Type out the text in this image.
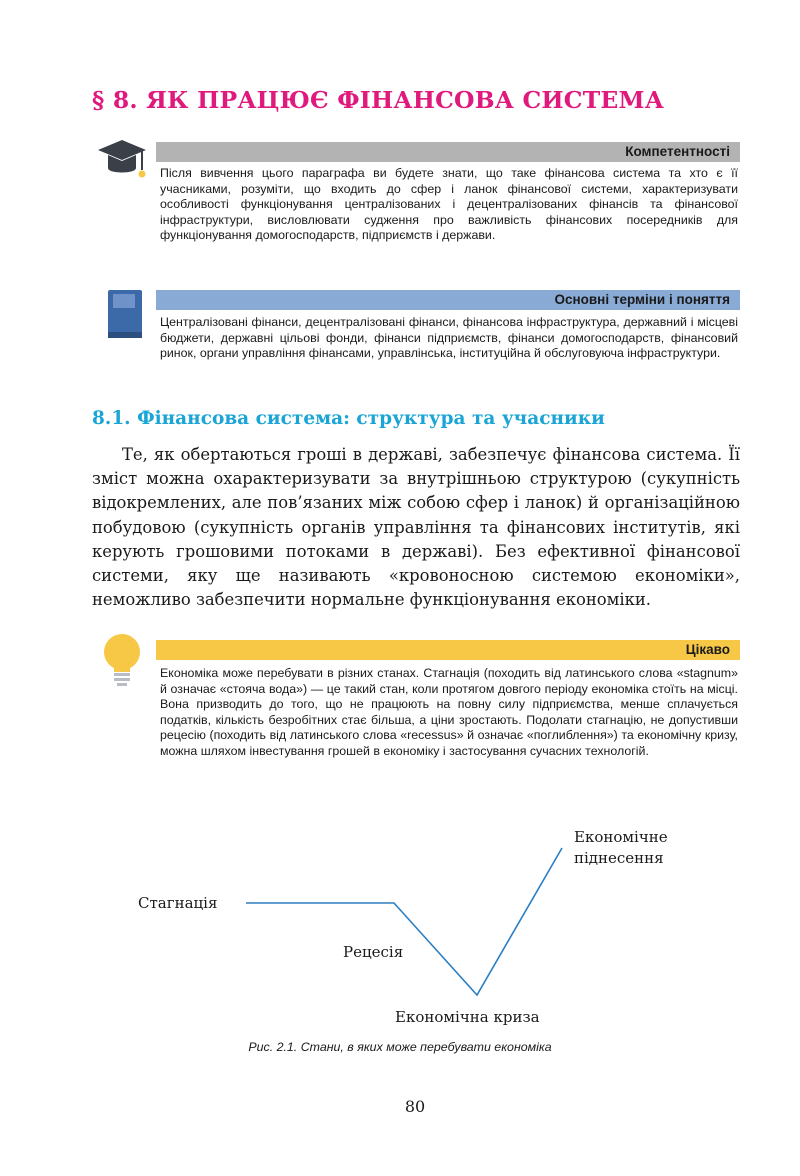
§ 8. ЯК ПРАЦЮЄ ФІНАНСОВА СИСТЕМА
Компетентності
Після вивчення цього параграфа ви будете знати, що таке фінансова система та хто є її учасниками, розуміти, що входить до сфер і ланок фінансової системи, характеризувати особливості функціонування централізованих і децентралізованих фінансів та фінансової інфраструктури, висловлювати судження про важливість фінансових посередників для функціонування домогосподарств, підприємств і держави.
Основні терміни і поняття
Централізовані фінанси, децентралізовані фінанси, фінансова інфраструктура, державний і місцеві бюджети, державні цільові фонди, фінанси підприємств, фінанси домогосподарств, фінансовий ринок, органи управління фінансами, управлінська, інституційна й обслуговуюча інфраструктури.
8.1. Фінансова система: структура та учасники

Те, як обертаються гроші в державі, забезпечує фінансова система. Її зміст можна охарактеризувати за внутрішньою структурою (сукупність відокремлених, але пов’язаних між собою сфер і ланок) й організаційною побудовою (сукупність органів управління та фінансових інститутів, які керують грошовими потоками в державі). Без ефективної фінансової системи, яку ще називають «кровоносною системою економіки», неможливо забезпечити нормальне функціонування економіки.

Цікаво
Економіка може перебувати в різних станах. Стагнація (походить від латинського слова «stagnum» й означає «стояча вода») — це такий стан, коли протягом довгого періоду економіка стоїть на місці. Вона призводить до того, що не працюють на повну силу підприємства, менше сплачується податків, кількість безробітних стає більша, а ціни зростають. Подолати стагнацію, не допустивши рецесію (походить від латинського слова «recessus» й означає «поглиблення») та економічну кризу, можна шляхом інвестування грошей в економіку і застосування сучасних технологій.
Стагнація
Рецесія
Економічна криза
Економічне
піднесення
Рис. 2.1. Стани, в яких може перебувати економіка
80
